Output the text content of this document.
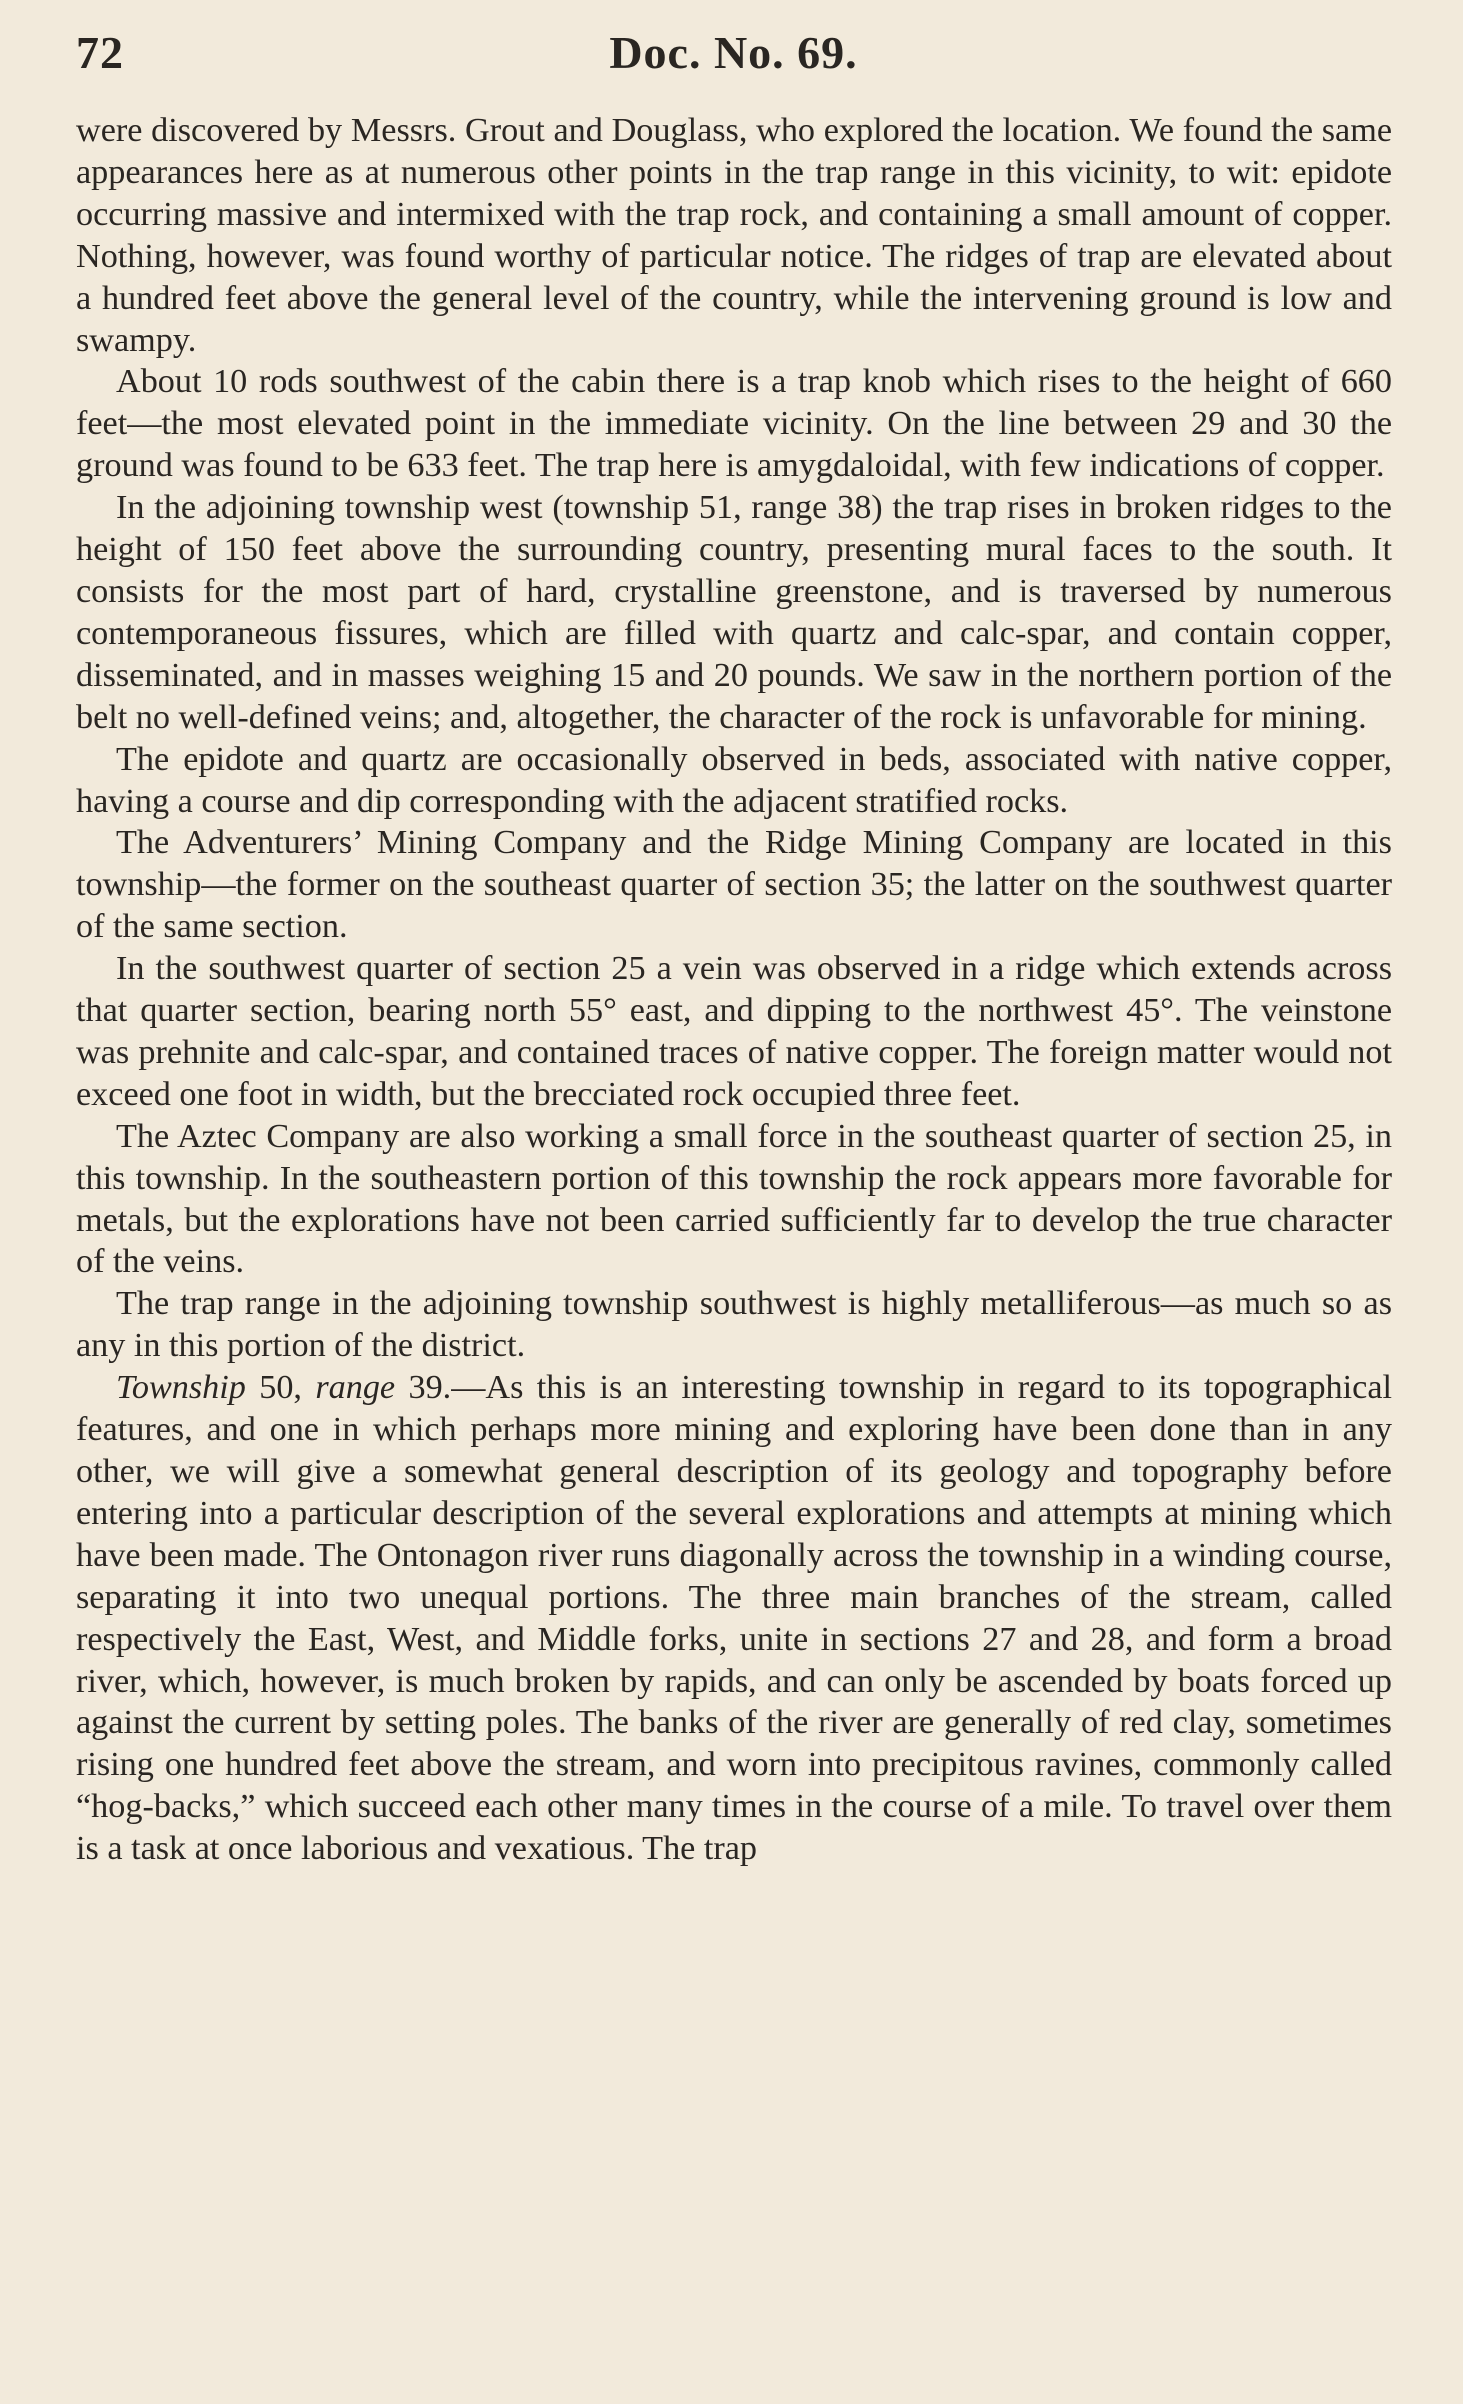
72	Doc. No. 69.

were discovered by Messrs. Grout and Douglass, who explored the location. We found the same appearances here as at numerous other points in the trap range in this vicinity, to wit: epidote occurring massive and intermixed with the trap rock, and containing a small amount of copper. Nothing, however, was found worthy of particular notice. The ridges of trap are elevated about a hundred feet above the general level of the country, while the intervening ground is low and swampy.

About 10 rods southwest of the cabin there is a trap knob which rises to the height of 660 feet—the most elevated point in the immediate vicinity. On the line between 29 and 30 the ground was found to be 633 feet. The trap here is amygdaloidal, with few indications of copper.

In the adjoining township west (township 51, range 38) the trap rises in broken ridges to the height of 150 feet above the surrounding country, presenting mural faces to the south. It consists for the most part of hard, crystalline greenstone, and is traversed by numerous contemporaneous fissures, which are filled with quartz and calc-spar, and contain copper, disseminated, and in masses weighing 15 and 20 pounds. We saw in the northern portion of the belt no well-defined veins; and, altogether, the character of the rock is unfavorable for mining.

The epidote and quartz are occasionally observed in beds, associated with native copper, having a course and dip corresponding with the adjacent stratified rocks.

The Adventurers’ Mining Company and the Ridge Mining Company are located in this township—the former on the southeast quarter of section 35; the latter on the southwest quarter of the same section.

In the southwest quarter of section 25 a vein was observed in a ridge which extends across that quarter section, bearing north 55° east, and dipping to the northwest 45°. The veinstone was prehnite and calc-spar, and contained traces of native copper. The foreign matter would not exceed one foot in width, but the brecciated rock occupied three feet.

The Aztec Company are also working a small force in the southeast quarter of section 25, in this township. In the southeastern portion of this township the rock appears more favorable for metals, but the explorations have not been carried sufficiently far to develop the true character of the veins.

The trap range in the adjoining township southwest is highly metalliferous—as much so as any in this portion of the district.

Township 50, range 39.—As this is an interesting township in regard to its topographical features, and one in which perhaps more mining and exploring have been done than in any other, we will give a somewhat general description of its geology and topography before entering into a particular description of the several explorations and attempts at mining which have been made. The Ontonagon river runs diagonally across the township in a winding course, separating it into two unequal portions. The three main branches of the stream, called respectively the East, West, and Middle forks, unite in sections 27 and 28, and form a broad river, which, however, is much broken by rapids, and can only be ascended by boats forced up against the current by setting poles. The banks of the river are generally of red clay, sometimes rising one hundred feet above the stream, and worn into precipitous ravines, commonly called “hog-backs,” which succeed each other many times in the course of a mile. To travel over them is a task at once laborious and vexatious. The trap
